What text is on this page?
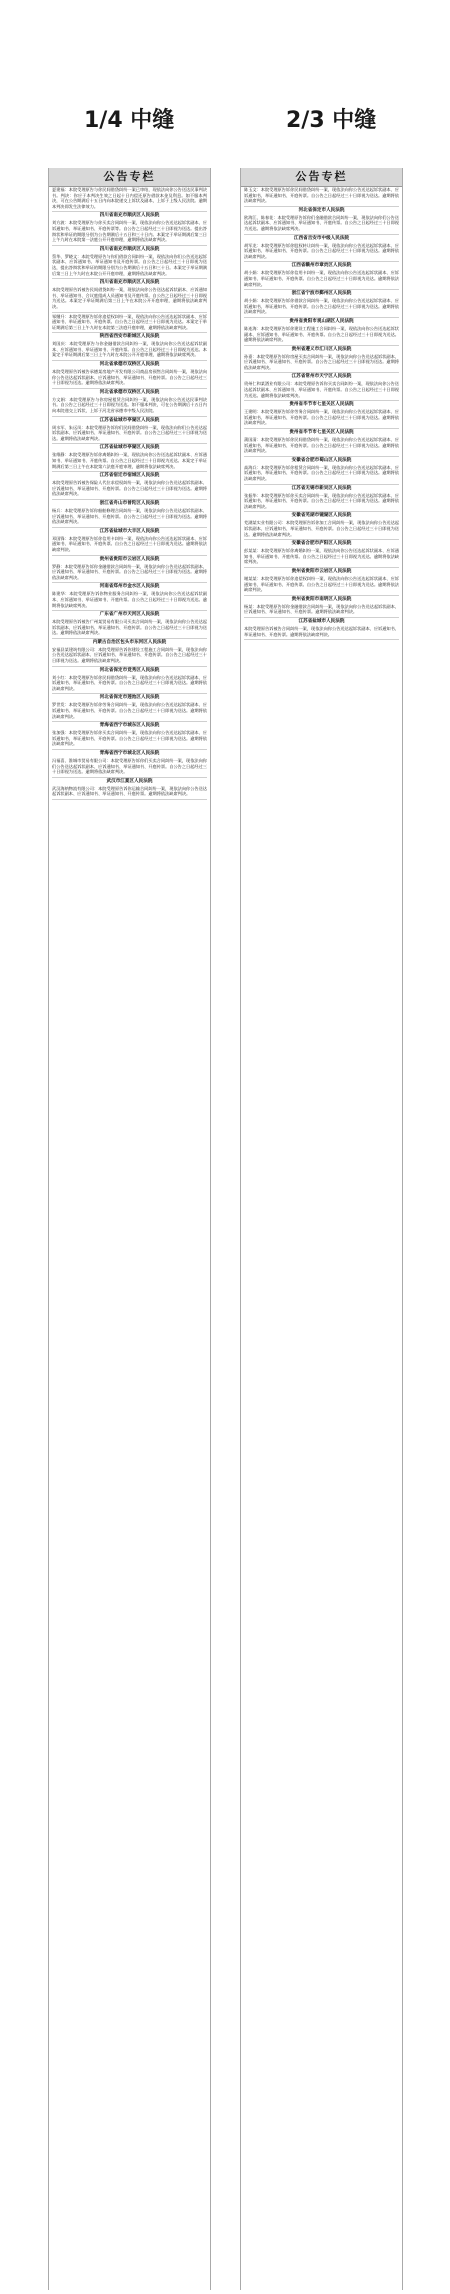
1/4 中缝	2/3 中缝
公告专栏
夏建福：本院受理原告与你民间借贷纠纷一案已审结，现依法向你公告送达民事判决书。判决：你应于本判决生效之日起十日内偿还原告借款本金及利息。如不服本判决，可在公告期满后十五日内向本院递交上诉状及副本，上诉于上级人民法院。逾期本判决即发生法律效力。
四川省南充市顺庆区人民法院
刘方波：本院受理原告与你买卖合同纠纷一案，现依法向你公告送达起诉状副本、应诉通知书、举证通知书、开庭传票等。自公告之日起经过三十日即视为送达。提出答辩状和举证的期限分别为公告期满后十五日和三十日内。本案定于举证期满后第三日上午九时在本院第一法庭公开开庭审理，逾期将依法缺席判决。
四川省南充市顺庆区人民法院
蔡华、罗晓文：本院受理原告与你们借款合同纠纷一案，现依法向你们公告送达起诉状副本、应诉通知书、举证通知书及开庭传票。自公告之日起经过三十日即视为送达，提出答辩状和举证的期限分别为公告期满后十五日和三十日。本案定于举证期满后第三日上午九时在本院公开开庭审理，逾期将依法缺席判决。
四川省南充市顺庆区人民法院
本院受理原告诉被告民间借贷纠纷一案，现依法向你公告送达起诉状副本、应诉通知书、举证通知书、合议庭组成人员通知书及开庭传票。自公告之日起经过三十日即视为送达。本案定于举证期满后第三日上午在本院公开开庭审理，逾期将依法缺席判决。
邹继升：本院受理原告诉你追偿权纠纷一案，现依法向你公告送达起诉状副本、应诉通知书、举证通知书、开庭传票。自公告之日起经过三十日即视为送达。本案定于举证期满后第三日上午九时在本院第三法庭开庭审理，逾期将依法缺席判决。
陕西省西安市新城区人民法院
刘国庆：本院受理原告与你金融借款合同纠纷一案，现依法向你公告送达起诉状副本、应诉通知书、举证通知书、开庭传票。自公告之日起经过三十日即视为送达。本案定于举证期满后第三日上午九时在本院公开开庭审理，逾期将依法缺席判决。
河北省承德市双桥区人民法院
本院受理原告诉被告承德某房地产开发有限公司商品房预售合同纠纷一案，现依法向你公告送达起诉状副本、应诉通知书、举证通知书、开庭传票。自公告之日起经过三十日即视为送达。逾期将依法缺席判决。
河北省承德市双桥区人民法院
方文娟：本院受理原告与你房屋租赁合同纠纷一案，现依法向你公告送达民事判决书。自公告之日起经过三十日即视为送达。如不服本判决，可在公告期满后十五日内向本院递交上诉状，上诉于河北省承德市中级人民法院。
江苏省盐城市亭湖区人民法院
周水军、朱远凤：本院受理原告诉你们民间借贷纠纷一案，现依法向你们公告送达起诉状副本、应诉通知书、举证通知书、开庭传票。自公告之日起经过三十日即视为送达。逾期将依法缺席判决。
江苏省盐城市亭湖区人民法院
张维静：本院受理原告诉你离婚纠纷一案，现依法向你公告送达起诉状副本、应诉通知书、举证通知书、开庭传票。自公告之日起经过三十日即视为送达。本案定于举证期满后第三日上午在本院第六法庭开庭审理，逾期将依法缺席判决。
江苏省宿迁市宿城区人民法院
本院受理原告诉被告保险人代位求偿权纠纷一案，现依法向你公告送达起诉状副本、应诉通知书、举证通知书、开庭传票。自公告之日起经过三十日即视为送达。逾期将依法缺席判决。
浙江省舟山市普陀区人民法院
杨兵：本院受理原告诉你船舶修理合同纠纷一案，现依法向你公告送达起诉状副本、应诉通知书、举证通知书、开庭传票。自公告之日起经过三十日即视为送达。逾期将依法缺席判决。
江苏省盐城市大丰区人民法院
邓国锋：本院受理原告诉你信用卡纠纷一案，现依法向你公告送达起诉状副本、应诉通知书、举证通知书、开庭传票。自公告之日起经过三十日即视为送达。逾期将依法缺席判决。
贵州省贵阳市云岩区人民法院
罗静：本院受理原告诉你金融借款合同纠纷一案，现依法向你公告送达起诉状副本、应诉通知书、举证通知书、开庭传票。自公告之日起经过三十日即视为送达。逾期将依法缺席判决。
河南省郑州市金水区人民法院
陈建华：本院受理原告诉你物业服务合同纠纷一案，现依法向你公告送达起诉状副本、应诉通知书、举证通知书、开庭传票。自公告之日起经过三十日即视为送达。逾期将依法缺席判决。
广东省广州市天河区人民法院
本院受理原告诉被告广州某贸易有限公司买卖合同纠纷一案，现依法向你公告送达起诉状副本、应诉通知书、举证通知书、开庭传票。自公告之日起经过三十日即视为送达。逾期将依法缺席判决。
内蒙古自治区包头市东河区人民法院
安福县某建筑有限公司：本院受理原告诉你建设工程施工合同纠纷一案，现依法向你公告送达起诉状副本、应诉通知书、举证通知书、开庭传票。自公告之日起经过三十日即视为送达。逾期将依法缺席判决。
河北省保定市竞秀区人民法院
刘小红：本院受理原告诉你民间借贷纠纷一案，现依法向你公告送达起诉状副本、应诉通知书、举证通知书、开庭传票。自公告之日起经过三十日即视为送达。逾期将依法缺席判决。
河北省保定市莲池区人民法院
罗世发：本院受理原告诉你劳务合同纠纷一案，现依法向你公告送达起诉状副本、应诉通知书、举证通知书、开庭传票。自公告之日起经过三十日即视为送达。逾期将依法缺席判决。
青海省西宁市城东区人民法院
张加强：本院受理原告诉你买卖合同纠纷一案，现依法向你公告送达起诉状副本、应诉通知书、举证通知书、开庭传票。自公告之日起经过三十日即视为送达。逾期将依法缺席判决。
青海省西宁市城北区人民法院
冯福喜、淮城市贸易有限公司：本院受理原告诉你们买卖合同纠纷一案，现依法向你们公告送达起诉状副本、应诉通知书、举证通知书、开庭传票。自公告之日起经过三十日即视为送达。逾期将依法缺席判决。
武汉市江夏区人民法院
武汉海纳物流有限公司：本院受理原告诉你运输合同纠纷一案，现依法向你公告送达起诉状副本、应诉通知书、举证通知书、开庭传票。逾期将依法缺席判决。
公告专栏
陈玉文：本院受理原告诉你民间借贷纠纷一案，现依法向你公告送达起诉状副本、应诉通知书、举证通知书、开庭传票。自公告之日起经过三十日即视为送达。逾期将依法缺席判决。
河北省保定市人民法院
欧海江、陈春花：本院受理原告诉你们金融借款合同纠纷一案，现依法向你们公告送达起诉状副本、应诉通知书、举证通知书、开庭传票。自公告之日起经过三十日即视为送达。逾期将依法缺席判决。
江西省吉安市中级人民法院
胡军龙：本院受理原告诉你股权转让纠纷一案，现依法向你公告送达起诉状副本、应诉通知书、举证通知书、开庭传票。自公告之日起经过三十日即视为送达。逾期将依法缺席判决。
江西省赣州市章贡区人民法院
胡小娟：本院受理原告诉你信用卡纠纷一案，现依法向你公告送达起诉状副本、应诉通知书、举证通知书、开庭传票。自公告之日起经过三十日即视为送达。逾期将依法缺席判决。
浙江省宁波市鄞州区人民法院
胡小娟：本院受理原告诉你借款合同纠纷一案，现依法向你公告送达起诉状副本、应诉通知书、举证通知书、开庭传票。自公告之日起经过三十日即视为送达。逾期将依法缺席判决。
贵州省贵阳市观山湖区人民法院
陈连海：本院受理原告诉你建设工程施工合同纠纷一案，现依法向你公告送达起诉状副本、应诉通知书、举证通知书、开庭传票。自公告之日起经过三十日即视为送达。逾期将依法缺席判决。
贵州省遵义市汇川区人民法院
孙嘉：本院受理原告诉你房屋买卖合同纠纷一案，现依法向你公告送达起诉状副本、应诉通知书、举证通知书、开庭传票。自公告之日起经过三十日即视为送达。逾期将依法缺席判决。
江苏省常州市天宁区人民法院
贵州仁和某酒业有限公司：本院受理原告诉你买卖合同纠纷一案，现依法向你公告送达起诉状副本、应诉通知书、举证通知书、开庭传票。自公告之日起经过三十日即视为送达。逾期将依法缺席判决。
贵州省毕节市七星关区人民法院
王建明：本院受理原告诉你劳务合同纠纷一案，现依法向你公告送达起诉状副本、应诉通知书、举证通知书、开庭传票。自公告之日起经过三十日即视为送达。逾期将依法缺席判决。
贵州省毕节市七星关区人民法院
蒲国清：本院受理原告诉你民间借贷纠纷一案，现依法向你公告送达起诉状副本、应诉通知书、举证通知书、开庭传票。自公告之日起经过三十日即视为送达。逾期将依法缺席判决。
安徽省合肥市蜀山区人民法院
高海兵：本院受理原告诉你租赁合同纠纷一案，现依法向你公告送达起诉状副本、应诉通知书、举证通知书、开庭传票。自公告之日起经过三十日即视为送达。逾期将依法缺席判决。
江苏省无锡市新吴区人民法院
张振华：本院受理原告诉你买卖合同纠纷一案，现依法向你公告送达起诉状副本、应诉通知书、举证通知书、开庭传票。自公告之日起经过三十日即视为送达。逾期将依法缺席判决。
安徽省芜湖市镜湖区人民法院
芜湖某实业有限公司：本院受理原告诉你加工合同纠纷一案，现依法向你公告送达起诉状副本、应诉通知书、举证通知书、开庭传票。自公告之日起经过三十日即视为送达。逾期将依法缺席判决。
安徽省合肥市庐阳区人民法院
彭某某：本院受理原告诉你离婚纠纷一案，现依法向你公告送达起诉状副本、应诉通知书、举证通知书、开庭传票。自公告之日起经过三十日即视为送达。逾期将依法缺席判决。
贵州省贵阳市云岩区人民法院
谢某某：本院受理原告诉你追偿权纠纷一案，现依法向你公告送达起诉状副本、应诉通知书、举证通知书、开庭传票。自公告之日起经过三十日即视为送达。逾期将依法缺席判决。
贵州省贵阳市南明区人民法院
杨某：本院受理原告诉你金融借款合同纠纷一案，现依法向你公告送达起诉状副本、应诉通知书、举证通知书、开庭传票。逾期将依法缺席判决。
江苏省盐城市人民法院
本院受理原告诉被告合同纠纷一案，现依法向你公告送达起诉状副本、应诉通知书、举证通知书、开庭传票。逾期将依法缺席判决。
